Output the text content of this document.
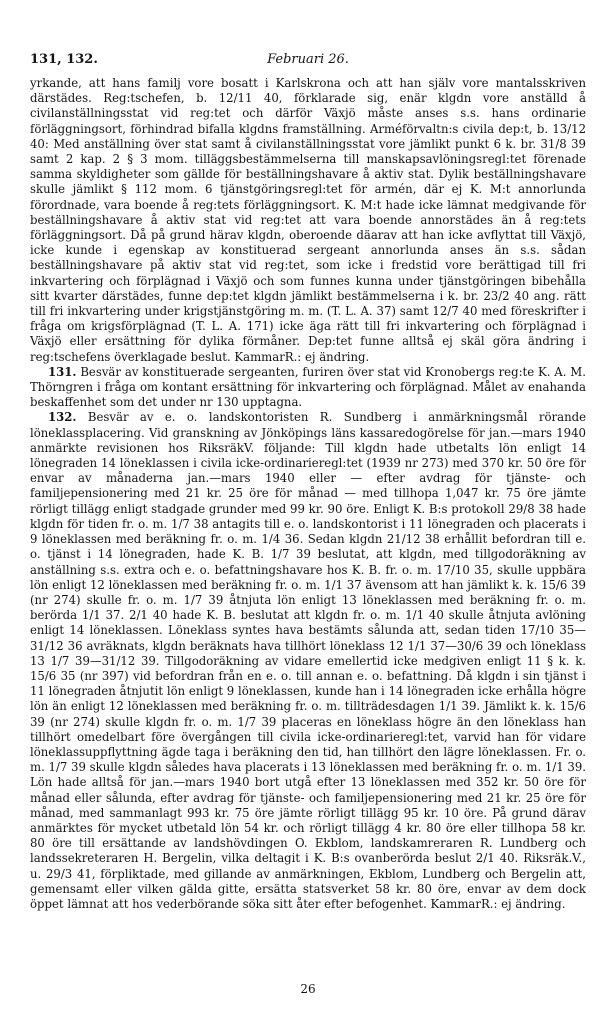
131, 132.	Februari 26.

yrkande, att hans familj vore bosatt i Karlskrona och att han själv vore mantalsskriven därstädes. Reg:tschefen, b. 12/11 40, förklarade sig, enär klgdn vore anställd å civilanställningsstat vid reg:tet och därför Växjö måste anses s.s. hans ordinarie förläggningsort, förhindrad bifalla klgdns framställning. Arméförvaltn:s civila dep:t, b. 13/12 40: Med anställning över stat samt å civilanställningsstat vore jämlikt punkt 6 k. br. 31/8 39 samt 2 kap. 2 § 3 mom. tilläggsbestämmelserna till manskapsavlöningsregl:tet förenade samma skyldigheter som gällde för beställningshavare å aktiv stat. Dylik beställningshavare skulle jämlikt § 112 mom. 6 tjänstgöringsregl:tet för armén, där ej K. M:t annorlunda förordnade, vara boende å reg:tets förläggningsort. K. M:t hade icke lämnat medgivande för beställningshavare å aktiv stat vid reg:tet att vara boende annorstädes än å reg:tets förläggningsort. Då på grund härav klgdn, oberoende däarav att han icke avflyttat till Växjö, icke kunde i egenskap av konstituerad sergeant annorlunda anses än s.s. sådan beställningshavare på aktiv stat vid reg:tet, som icke i fredstid vore berättigad till fri inkvartering och förplägnad i Växjö och som funnes kunna under tjänstgöringen bibehålla sitt kvarter därstädes, funne dep:tet klgdn jämlikt bestämmelserna i k. br. 23/2 40 ang. rätt till fri inkvartering under krigstjänstgöring m. m. (T. L. A. 37) samt 12/7 40 med föreskrifter i fråga om krigsförplägnad (T. L. A. 171) icke äga rätt till fri inkvartering och förplägnad i Växjö eller ersättning för dylika förmåner. Dep:tet funne alltså ej skäl göra ändring i reg:tschefens överklagade beslut. KammarR.: ej ändring.

131. Besvär av konstituerade sergeanten, furiren över stat vid Kronobergs reg:te K. A. M. Thörngren i fråga om kontant ersättning för inkvartering och förplägnad. Målet av enahanda beskaffenhet som det under nr 130 upptagna.

132. Besvär av e. o. landskontoristen R. Sundberg i anmärkningsmål rörande löneklassplacering. Vid granskning av Jönköpings läns kassaredogörelse för jan.—mars 1940 anmärkte revisionen hos RiksräkV. följande: Till klgdn hade utbetalts lön enligt 14 lönegraden 14 löneklassen i civila icke-ordinarieregl:tet (1939 nr 273) med 370 kr. 50 öre för envar av månaderna jan.—mars 1940 eller — efter avdrag för tjänste- och familjepensionering med 21 kr. 25 öre för månad — med tillhopa 1,047 kr. 75 öre jämte rörligt tillägg enligt stadgade grunder med 99 kr. 90 öre. Enligt K. B:s protokoll 29/8 38 hade klgdn för tiden fr. o. m. 1/7 38 antagits till e. o. landskontorist i 11 lönegraden och placerats i 9 löneklassen med beräkning fr. o. m. 1/4 36. Sedan klgdn 21/12 38 erhållit befordran till e. o. tjänst i 14 lönegraden, hade K. B. 1/7 39 beslutat, att klgdn, med tillgodoräkning av anställning s.s. extra och e. o. befattningshavare hos K. B. fr. o. m. 17/10 35, skulle uppbära lön enligt 12 löneklassen med beräkning fr. o. m. 1/1 37 ävensom att han jämlikt k. k. 15/6 39 (nr 274) skulle fr. o. m. 1/7 39 åtnjuta lön enligt 13 löneklassen med beräkning fr. o. m. berörda 1/1 37. 2/1 40 hade K. B. beslutat att klgdn fr. o. m. 1/1 40 skulle åtnjuta avlöning enligt 14 löneklassen. Löneklass syntes hava bestämts sålunda att, sedan tiden 17/10 35—31/12 36 avräknats, klgdn beräknats hava tillhört löneklass 12 1/1 37—30/6 39 och löneklass 13 1/7 39—31/12 39. Tillgodoräkning av vidare emellertid icke medgiven enligt 11 § k. k. 15/6 35 (nr 397) vid befordran från en e. o. till annan e. o. befattning. Då klgdn i sin tjänst i 11 lönegraden åtnjutit lön enligt 9 löneklassen, kunde han i 14 lönegraden icke erhålla högre lön än enligt 12 löneklassen med beräkning fr. o. m. tillträdesdagen 1/1 39. Jämlikt k. k. 15/6 39 (nr 274) skulle klgdn fr. o. m. 1/7 39 placeras en löneklass högre än den löneklass han tillhört omedelbart före övergången till civila icke-ordinarieregl:tet, varvid han för vidare löneklassuppflyttning ägde taga i beräkning den tid, han tillhört den lägre löneklassen. Fr. o. m. 1/7 39 skulle klgdn således hava placerats i 13 löneklassen med beräkning fr. o. m. 1/1 39. Lön hade alltså för jan.—mars 1940 bort utgå efter 13 löneklassen med 352 kr. 50 öre för månad eller sålunda, efter avdrag för tjänste- och familjepensionering med 21 kr. 25 öre för månad, med sammanlagt 993 kr. 75 öre jämte rörligt tillägg 95 kr. 10 öre. På grund därav anmärktes för mycket utbetald lön 54 kr. och rörligt tillägg 4 kr. 80 öre eller tillhopa 58 kr. 80 öre till ersättande av landshövdingen O. Ekblom, landskamreraren R. Lundberg och landssekreteraren H. Bergelin, vilka deltagit i K. B:s ovanberörda beslut 2/1 40. Riksräk.V., u. 29/3 41, förpliktade, med gillande av anmärkningen, Ekblom, Lundberg och Bergelin att, gemensamt eller vilken gälda gitte, ersätta statsverket 58 kr. 80 öre, envar av dem dock öppet lämnat att hos vederbörande söka sitt åter efter befogenhet. KammarR.: ej ändring.

26
